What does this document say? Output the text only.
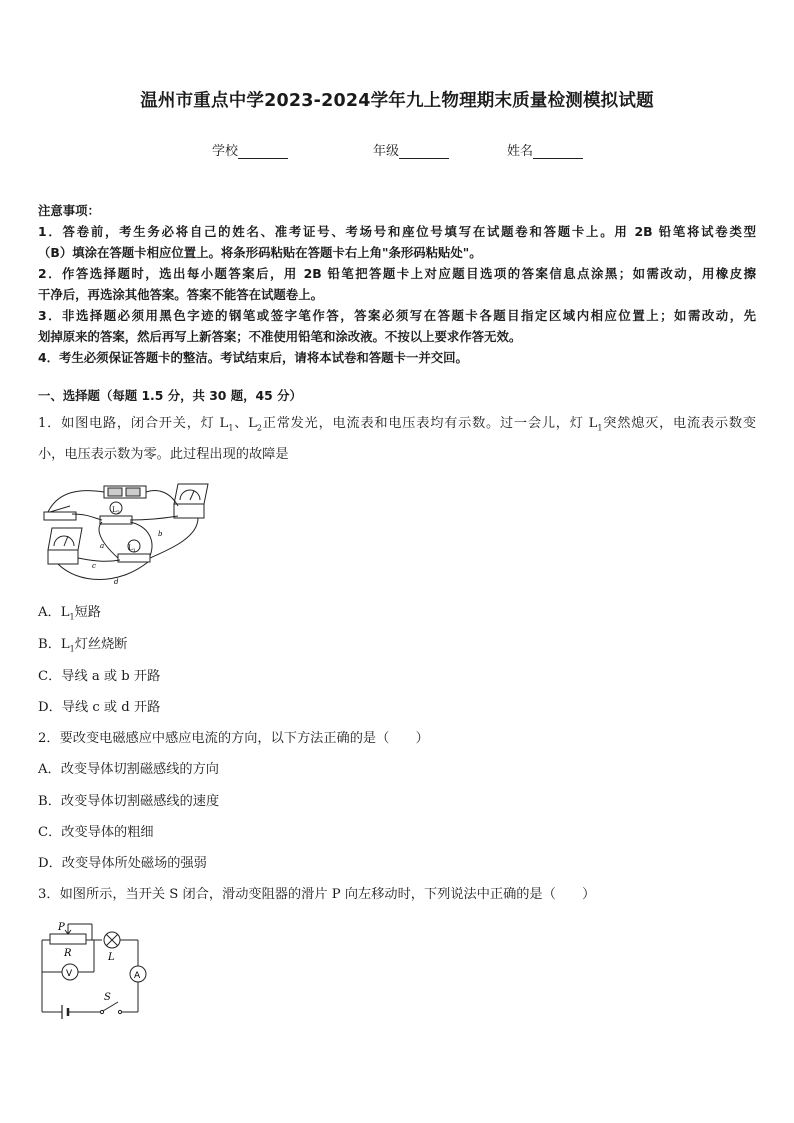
温州市重点中学2023-2024学年九上物理期末质量检测模拟试题
学校	年级	姓名
注意事项：
1．答卷前，考生务必将自己的姓名、准考证号、考场号和座位号填写在试题卷和答题卡上。用 2B 铅笔将试卷类型
（B）填涂在答题卡相应位置上。将条形码粘贴在答题卡右上角"条形码粘贴处"。
2．作答选择题时，选出每小题答案后，用 2B 铅笔把答题卡上对应题目选项的答案信息点涂黑；如需改动，用橡皮擦
干净后，再选涂其他答案。答案不能答在试题卷上。
3．非选择题必须用黑色字迹的钢笔或签字笔作答，答案必须写在答题卡各题目指定区域内相应位置上；如需改动，先
划掉原来的答案，然后再写上新答案；不准使用铅笔和涂改液。不按以上要求作答无效。
4．考生必须保证答题卡的整洁。考试结束后，请将本试卷和答题卡一并交回。
一、选择题（每题 1.5 分，共 30 题，45 分）
1．如图电路，闭合开关，灯 $L_1$、$L_2$正常发光，电流表和电压表均有示数。过一会儿，灯 $L_1$突然熄灭，电流表示数变
小，电压表示数为零。此过程出现的故障是
$L_2$
$L_1$
a
b
c
d
A．$L_1$短路
B．$L_1$灯丝烧断
C．导线 a 或 b 开路
D．导线 c 或 d 开路
2．要改变电磁感应中感应电流的方向，以下方法正确的是（　　）
A．改变导体切割磁感线的方向
B．改变导体切割磁感线的速度
C．改变导体的粗细
D．改变导体所处磁场的强弱
3．如图所示，当开关 S 闭合，滑动变阻器的滑片 P 向左移动时，下列说法中正确的是（　　）
P
R	L
S
V	A
